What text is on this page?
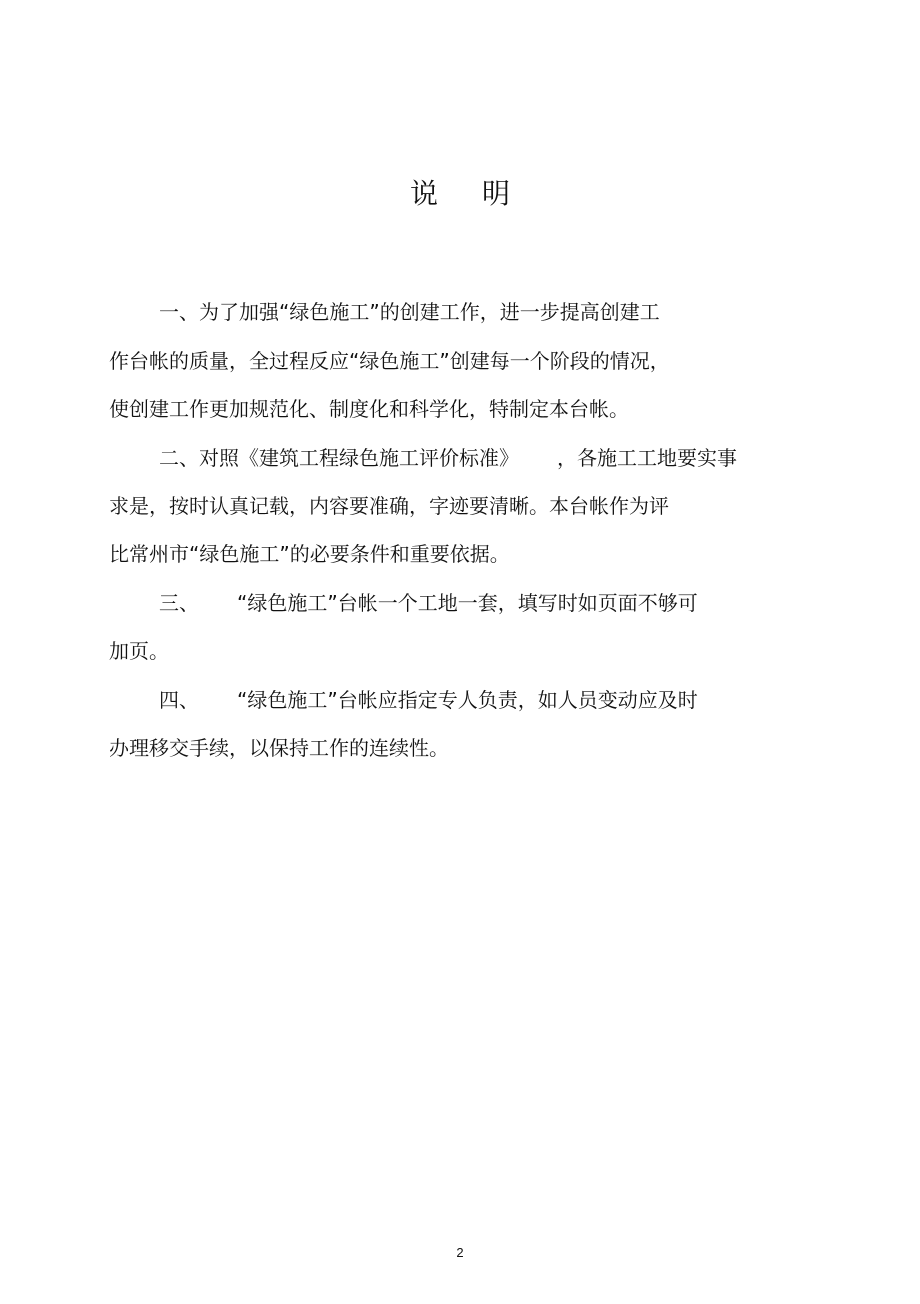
说 明

一、为了加强“绿色施工”的创建工作，进一步提高创建工

作台帐的质量，全过程反应“绿色施工”创建每一个阶段的情况，

使创建工作更加规范化、制度化和科学化，特制定本台帐。

二、对照《建筑工程绿色施工评价标准》 ，各施工工地要实事

求是，按时认真记载，内容要准确，字迹要清晰。本台帐作为评

比常州市“绿色施工”的必要条件和重要依据。

三、 “绿色施工”台帐一个工地一套，填写时如页面不够可

加页。

四、 “绿色施工”台帐应指定专人负责，如人员变动应及时

办理移交手续，以保持工作的连续性。

2
